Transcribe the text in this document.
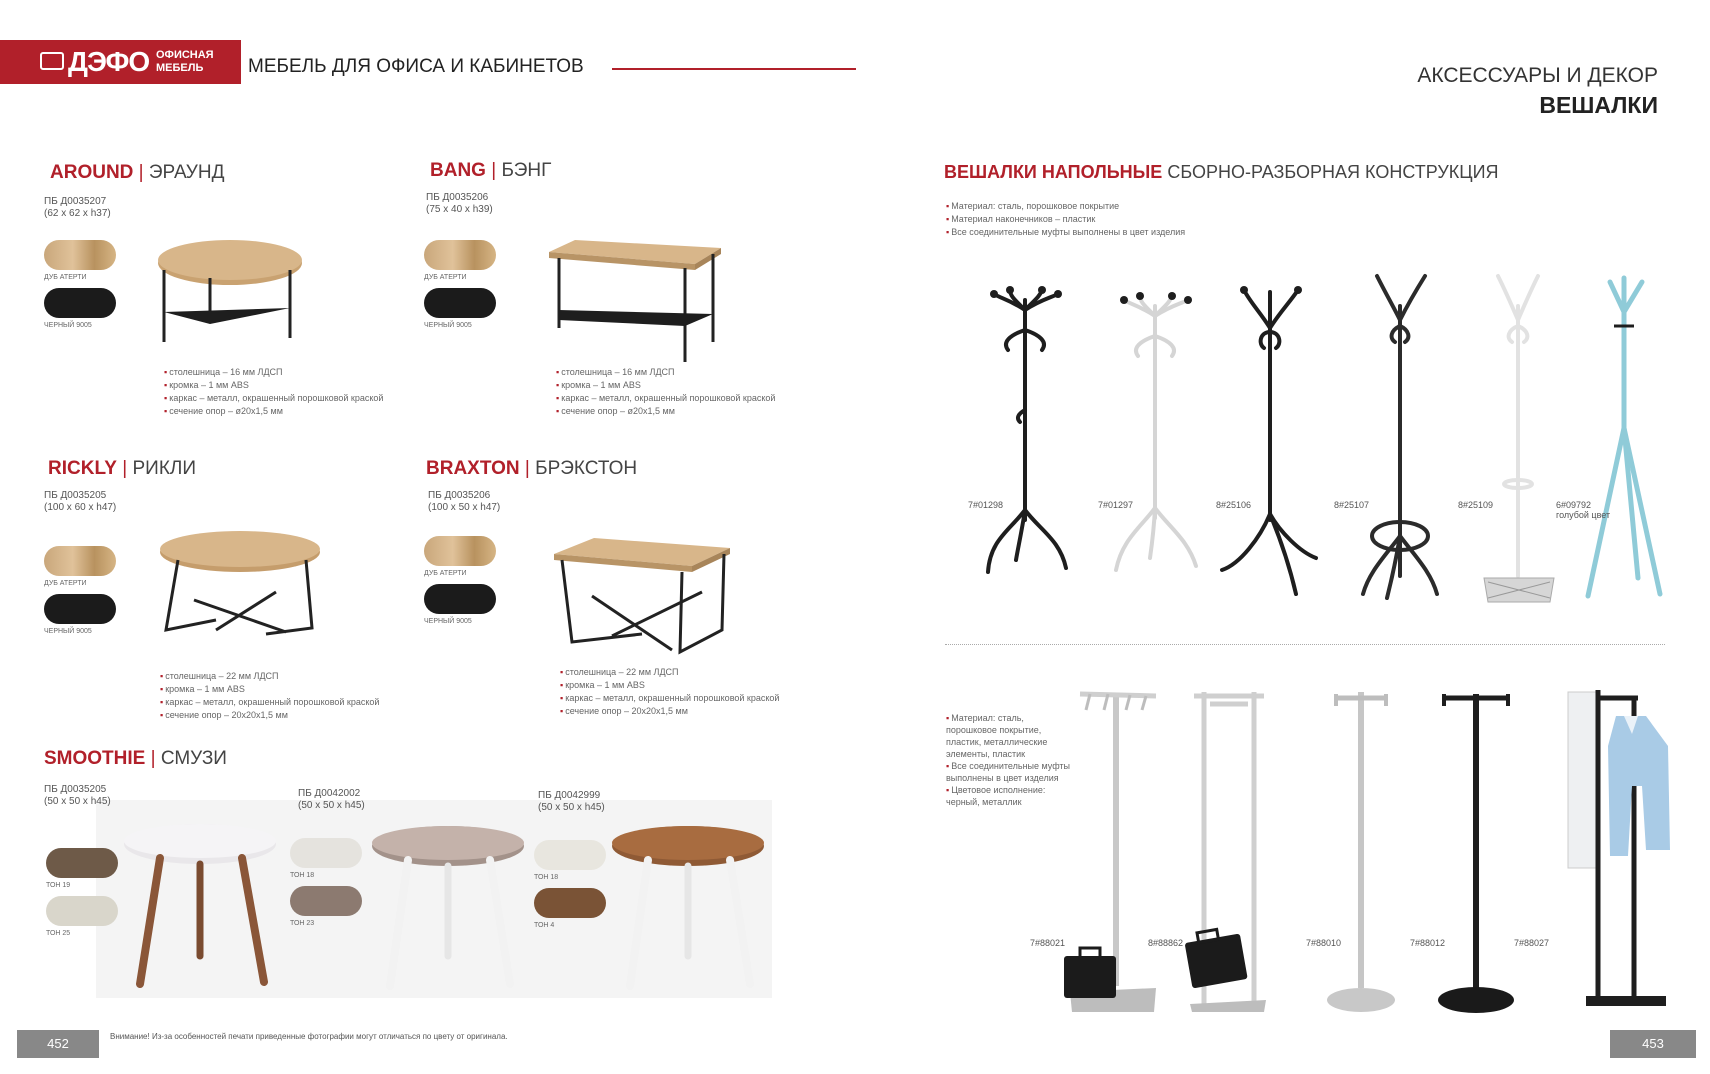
ДЭФО ОФИСНАЯ МЕБЕЛЬ	МЕБЕЛЬ ДЛЯ ОФИСА И КАБИНЕТОВ	АКСЕССУАРЫ И ДЕКОР
ВЕШАЛКИ
AROUND | ЭРАУНД
ПБ Д0035207
(62 х 62 х h37)
ДУБ АТЕРТИ
ЧЕРНЫЙ 9005
▪ столешница – 16 мм ЛДСП
▪ кромка – 1 мм ABS
▪ каркас – металл, окрашенный порошковой краской
▪ сечение опор – ø20х1,5 мм
BANG | БЭНГ
ПБ Д0035206
(75 х 40 х h39)
ДУБ АТЕРТИ
ЧЕРНЫЙ 9005
▪ столешница – 16 мм ЛДСП
▪ кромка – 1 мм ABS
▪ каркас – металл, окрашенный порошковой краской
▪ сечение опор – ø20х1,5 мм
RICKLY | РИКЛИ
ПБ Д0035205
(100 х 60 х h47)
ДУБ АТЕРТИ
ЧЕРНЫЙ 9005
▪ столешница – 22 мм ЛДСП
▪ кромка – 1 мм ABS
▪ каркас – металл, окрашенный порошковой краской
▪ сечение опор – 20х20х1,5 мм
BRAXTON | БРЭКСТОН
ПБ Д0035206
(100 х 50 х h47)
ДУБ АТЕРТИ
ЧЕРНЫЙ 9005
▪ столешница – 22 мм ЛДСП
▪ кромка – 1 мм ABS
▪ каркас – металл, окрашенный порошковой краской
▪ сечение опор – 20х20х1,5 мм
SMOOTHIE | СМУЗИ
ПБ Д0035205
(50 х 50 х h45)
ТОН 19
ТОН 25
ПБ Д0042002
(50 х 50 х h45)
ТОН 18
ТОН 23
ПБ Д0042999
(50 х 50 х h45)
ТОН 18
ТОН 4
ВЕШАЛКИ НАПОЛЬНЫЕ СБОРНО-РАЗБОРНАЯ КОНСТРУКЦИЯ
▪ Материал: сталь, порошковое покрытие
▪ Материал наконечников – пластик
▪ Все соединительные муфты выполнены в цвет изделия
7#01298	7#01297	8#25106	8#25107	8#25109	6#09792
голубой цвет
▪ Материал: сталь, порошковое покрытие, пластик, металлические элементы, пластик
▪ Все соединительные муфты выполнены в цвет изделия
▪ Цветовое исполнение: черный, металлик
7#88021	8#88862	7#88010	7#88012	7#88027
452	Внимание! Из-за особенностей печати приведенные фотографии могут отличаться по цвету от оригинала.	453
